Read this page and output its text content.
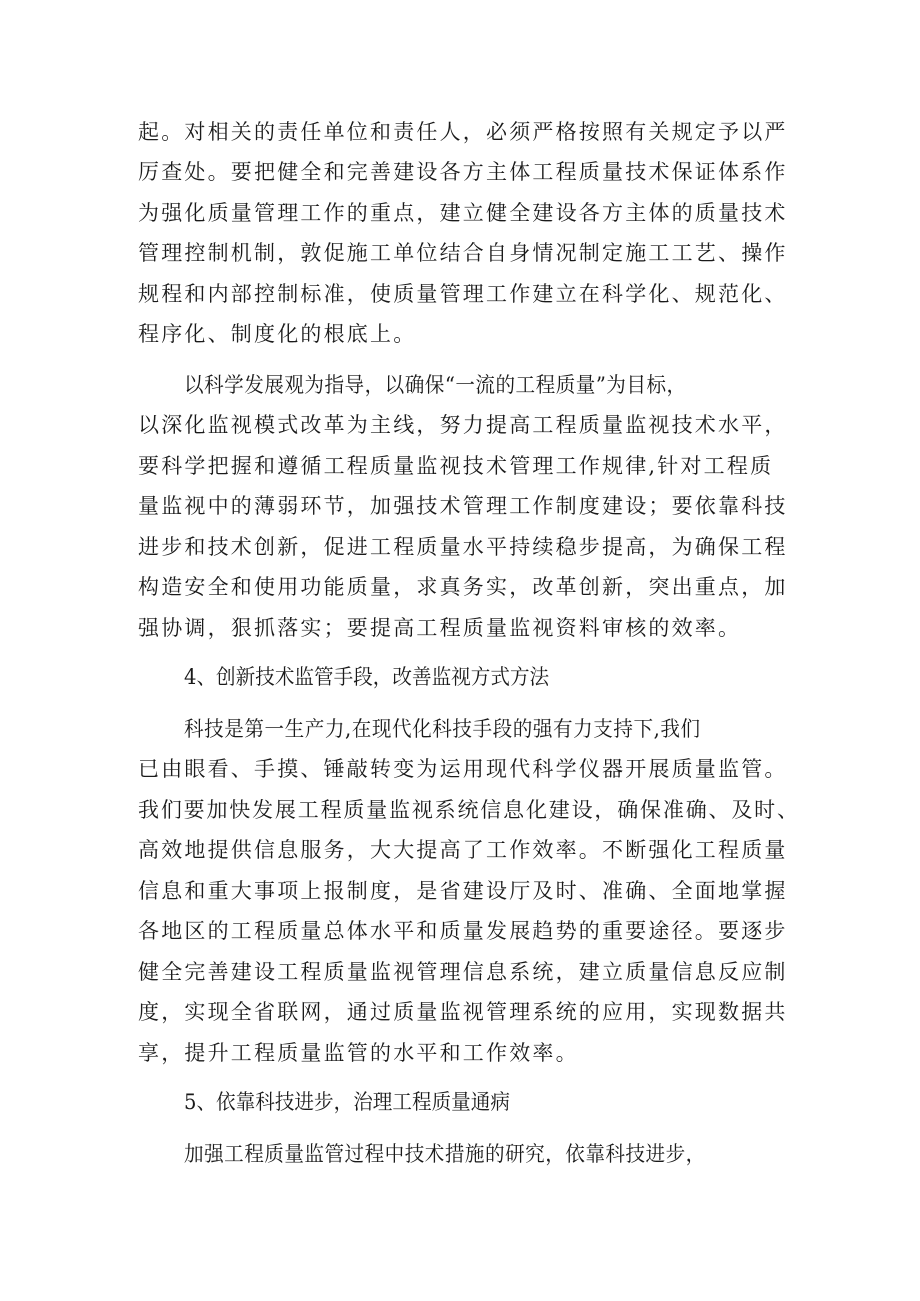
起。对相关的责任单位和责任人，必须严格按照有关规定予以严
厉查处。要把健全和完善建设各方主体工程质量技术保证体系作
为强化质量管理工作的重点，建立健全建设各方主体的质量技术
管理控制机制，敦促施工单位结合自身情况制定施工工艺、操作
规程和内部控制标准，使质量管理工作建立在科学化、规范化、
程序化、制度化的根底上。
以科学发展观为指导，以确保“一流的工程质量”为目标，
以深化监视模式改革为主线，努力提高工程质量监视技术水平，
要科学把握和遵循工程质量监视技术管理工作规律,针对工程质
量监视中的薄弱环节，加强技术管理工作制度建设；要依靠科技
进步和技术创新，促进工程质量水平持续稳步提高，为确保工程
构造安全和使用功能质量，求真务实，改革创新，突出重点，加
强协调，狠抓落实；要提高工程质量监视资料审核的效率。
4、创新技术监管手段，改善监视方式方法
科技是第一生产力,在现代化科技手段的强有力支持下,我们
已由眼看、手摸、锤敲转变为运用现代科学仪器开展质量监管。
我们要加快发展工程质量监视系统信息化建设，确保准确、及时、
高效地提供信息服务，大大提高了工作效率。不断强化工程质量
信息和重大事项上报制度，是省建设厅及时、准确、全面地掌握
各地区的工程质量总体水平和质量发展趋势的重要途径。要逐步
健全完善建设工程质量监视管理信息系统，建立质量信息反应制
度，实现全省联网，通过质量监视管理系统的应用，实现数据共
享，提升工程质量监管的水平和工作效率。
5、依靠科技进步，治理工程质量通病
加强工程质量监管过程中技术措施的研究，依靠科技进步，
